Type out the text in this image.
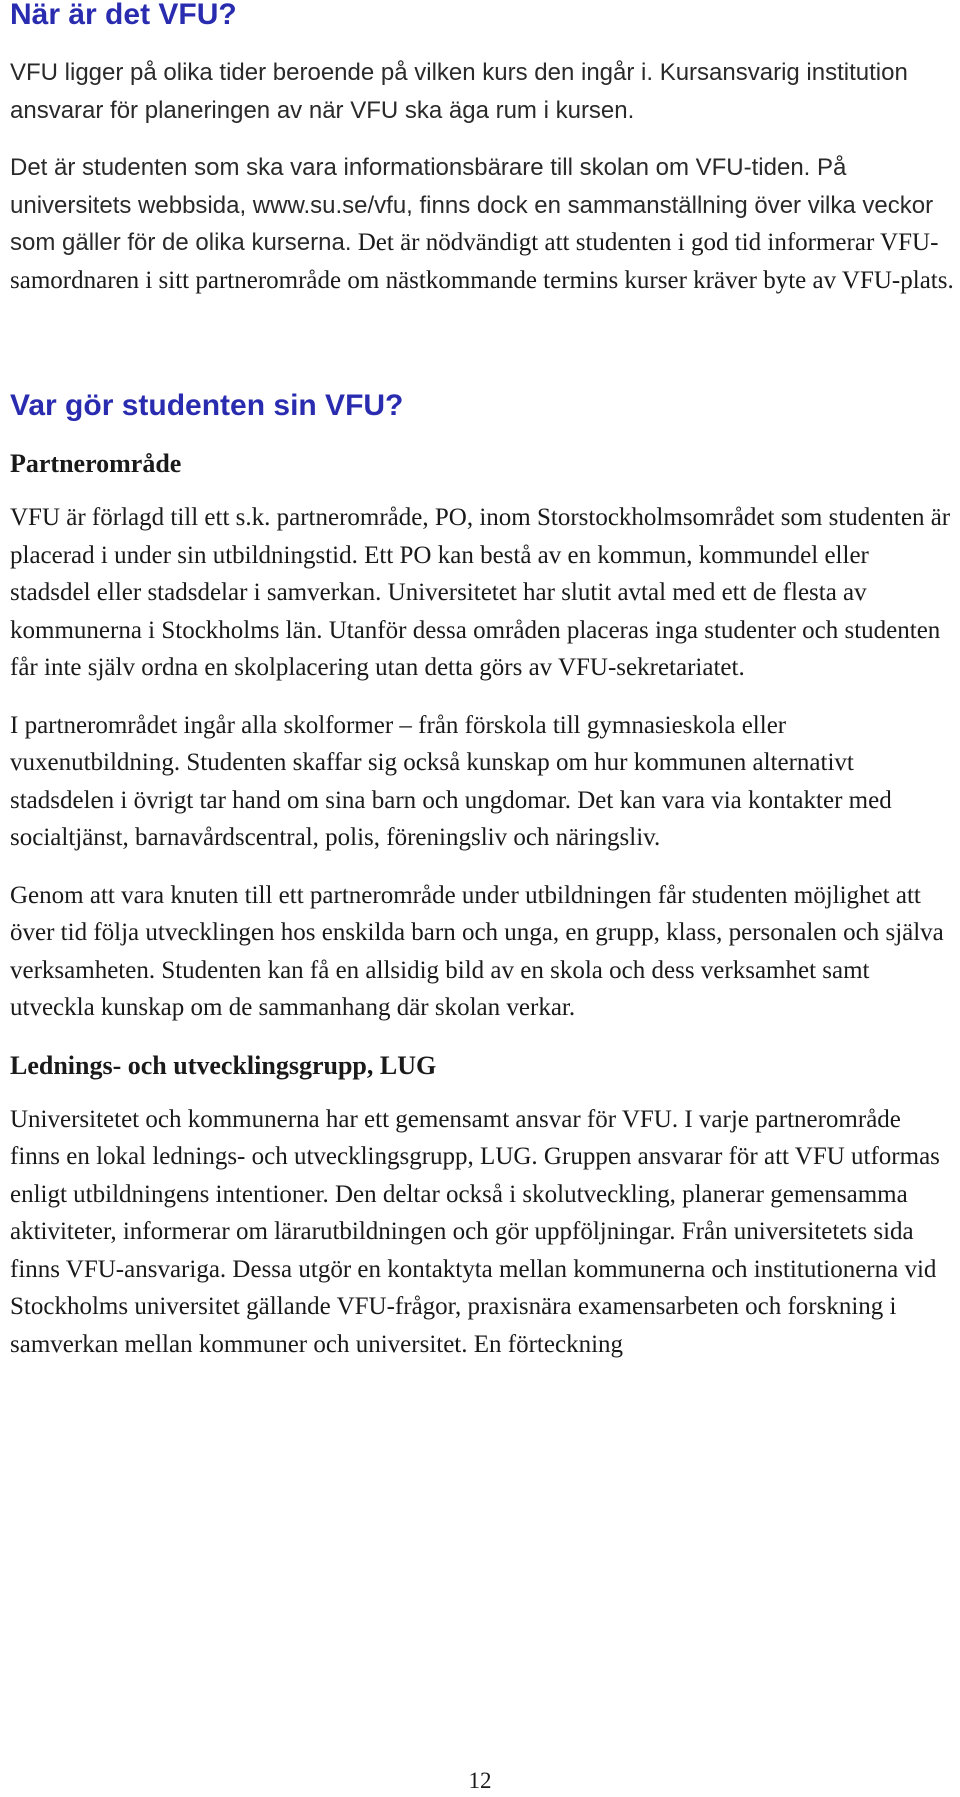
När är det VFU?

VFU ligger på olika tider beroende på vilken kurs den ingår i. Kursansvarig institution ansvarar för planeringen av när VFU ska äga rum i kursen.

Det är studenten som ska vara informationsbärare till skolan om VFU-tiden. På universitets webbsida, www.su.se/vfu, finns dock en sammanställning över vilka veckor som gäller för de olika kurserna. Det är nödvändigt att studenten i god tid informerar VFU-samordnaren i sitt partnerområde om nästkommande termins kurser kräver byte av VFU-plats.

Var gör studenten sin VFU?
Partnerområde

VFU är förlagd till ett s.k. partnerområde, PO, inom Storstockholmsområdet som studenten är placerad i under sin utbildningstid. Ett PO kan bestå av en kommun, kommundel eller stadsdel eller stadsdelar i samverkan. Universitetet har slutit avtal med ett de flesta av kommunerna i Stockholms län. Utanför dessa områden placeras inga studenter och studenten får inte själv ordna en skolplacering utan detta görs av VFU-sekretariatet.

I partnerområdet ingår alla skolformer – från förskola till gymnasieskola eller vuxenutbildning. Studenten skaffar sig också kunskap om hur kommunen alternativt stadsdelen i övrigt tar hand om sina barn och ungdomar. Det kan vara via kontakter med socialtjänst, barnavårdscentral, polis, föreningsliv och näringsliv.

Genom att vara knuten till ett partnerområde under utbildningen får studenten möjlighet att över tid följa utvecklingen hos enskilda barn och unga, en grupp, klass, personalen och själva verksamheten. Studenten kan få en allsidig bild av en skola och dess verksamhet samt utveckla kunskap om de sammanhang där skolan verkar.

Lednings- och utvecklingsgrupp, LUG

Universitetet och kommunerna har ett gemensamt ansvar för VFU. I varje partnerområde finns en lokal lednings- och utvecklingsgrupp, LUG. Gruppen ansvarar för att VFU utformas enligt utbildningens intentioner. Den deltar också i skolutveckling, planerar gemensamma aktiviteter, informerar om lärarutbildningen och gör uppföljningar. Från universitetets sida finns VFU-ansvariga. Dessa utgör en kontaktyta mellan kommunerna och institutionerna vid Stockholms universitet gällande VFU-frågor, praxisnära examensarbeten och forskning i samverkan mellan kommuner och universitet. En förteckning

12
